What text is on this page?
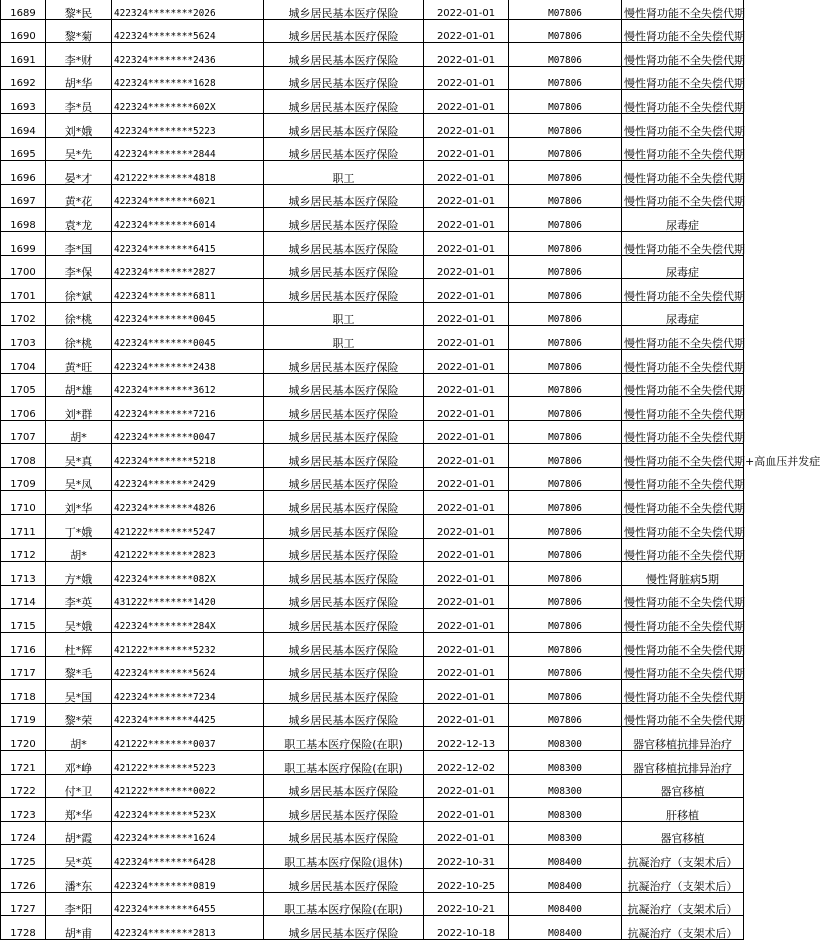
1689	黎*民	422324********2026	城乡居民基本医疗保险	2022-01-01	M07806	慢性肾功能不全失偿代期
1690	黎*菊	422324********5624	城乡居民基本医疗保险	2022-01-01	M07806	慢性肾功能不全失偿代期
1691	李*财	422324********2436	城乡居民基本医疗保险	2022-01-01	M07806	慢性肾功能不全失偿代期
1692	胡*华	422324********1628	城乡居民基本医疗保险	2022-01-01	M07806	慢性肾功能不全失偿代期
1693	李*员	422324********602X	城乡居民基本医疗保险	2022-01-01	M07806	慢性肾功能不全失偿代期
1694	刘*娥	422324********5223	城乡居民基本医疗保险	2022-01-01	M07806	慢性肾功能不全失偿代期
1695	吴*先	422324********2844	城乡居民基本医疗保险	2022-01-01	M07806	慢性肾功能不全失偿代期
1696	晏*才	421222********4818	职工	2022-01-01	M07806	慢性肾功能不全失偿代期
1697	黄*花	422324********6021	城乡居民基本医疗保险	2022-01-01	M07806	慢性肾功能不全失偿代期
1698	袁*龙	422324********6014	城乡居民基本医疗保险	2022-01-01	M07806	尿毒症
1699	李*国	422324********6415	城乡居民基本医疗保险	2022-01-01	M07806	慢性肾功能不全失偿代期
1700	李*保	422324********2827	城乡居民基本医疗保险	2022-01-01	M07806	尿毒症
1701	徐*斌	422324********6811	城乡居民基本医疗保险	2022-01-01	M07806	慢性肾功能不全失偿代期
1702	徐*桃	422324********0045	职工	2022-01-01	M07806	尿毒症
1703	徐*桃	422324********0045	职工	2022-01-01	M07806	慢性肾功能不全失偿代期
1704	黄*旺	422324********2438	城乡居民基本医疗保险	2022-01-01	M07806	慢性肾功能不全失偿代期
1705	胡*雄	422324********3612	城乡居民基本医疗保险	2022-01-01	M07806	慢性肾功能不全失偿代期
1706	刘*群	422324********7216	城乡居民基本医疗保险	2022-01-01	M07806	慢性肾功能不全失偿代期
1707	胡*	422324********0047	城乡居民基本医疗保险	2022-01-01	M07806	慢性肾功能不全失偿代期
1708	吴*真	422324********5218	城乡居民基本医疗保险	2022-01-01	M07806	慢性肾功能不全失偿代期+高血压并发症
1709	吴*凤	422324********2429	城乡居民基本医疗保险	2022-01-01	M07806	慢性肾功能不全失偿代期
1710	刘*华	422324********4826	城乡居民基本医疗保险	2022-01-01	M07806	慢性肾功能不全失偿代期
1711	丁*娥	421222********5247	城乡居民基本医疗保险	2022-01-01	M07806	慢性肾功能不全失偿代期
1712	胡*	421222********2823	城乡居民基本医疗保险	2022-01-01	M07806	慢性肾功能不全失偿代期
1713	方*娥	422324********082X	城乡居民基本医疗保险	2022-01-01	M07806	慢性肾脏病5期
1714	李*英	431222********1420	城乡居民基本医疗保险	2022-01-01	M07806	慢性肾功能不全失偿代期
1715	吴*娥	422324********284X	城乡居民基本医疗保险	2022-01-01	M07806	慢性肾功能不全失偿代期
1716	杜*辉	421222********5232	城乡居民基本医疗保险	2022-01-01	M07806	慢性肾功能不全失偿代期
1717	黎*毛	422324********5624	城乡居民基本医疗保险	2022-01-01	M07806	慢性肾功能不全失偿代期
1718	吴*国	422324********7234	城乡居民基本医疗保险	2022-01-01	M07806	慢性肾功能不全失偿代期
1719	黎*荣	422324********4425	城乡居民基本医疗保险	2022-01-01	M07806	慢性肾功能不全失偿代期
1720	胡*	421222********0037	职工基本医疗保险(在职)	2022-12-13	M08300	器官移植抗排异治疗
1721	邓*峥	421222********5223	职工基本医疗保险(在职)	2022-12-02	M08300	器官移植抗排异治疗
1722	付*卫	421222********0022	城乡居民基本医疗保险	2022-01-01	M08300	器官移植
1723	郑*华	422324********523X	城乡居民基本医疗保险	2022-01-01	M08300	肝移植
1724	胡*霞	422324********1624	城乡居民基本医疗保险	2022-01-01	M08300	器官移植
1725	吴*英	422324********6428	职工基本医疗保险(退休)	2022-10-31	M08400	抗凝治疗（支架术后）
1726	潘*东	422324********0819	城乡居民基本医疗保险	2022-10-25	M08400	抗凝治疗（支架术后）
1727	李*阳	422324********6455	职工基本医疗保险(在职)	2022-10-21	M08400	抗凝治疗（支架术后）
1728	胡*甫	422324********2813	城乡居民基本医疗保险	2022-10-18	M08400	抗凝治疗（支架术后）
